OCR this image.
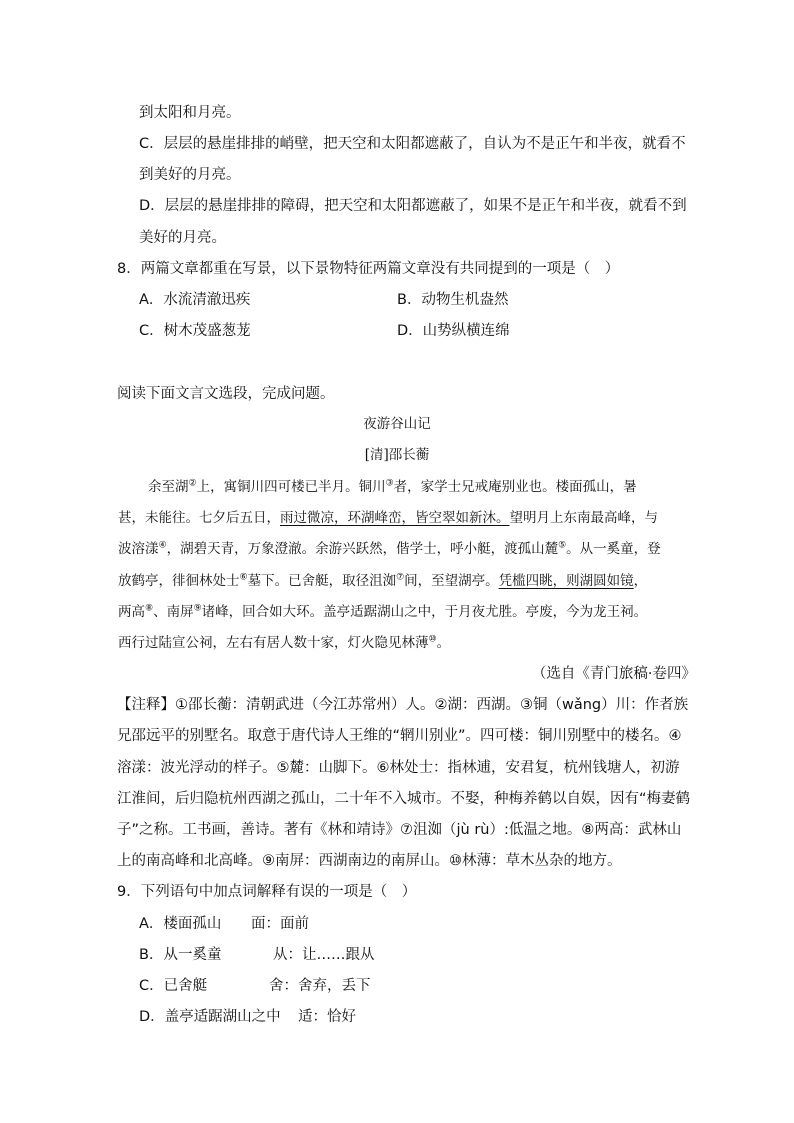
到太阳和月亮。
C．层层的悬崖排排的峭壁，把天空和太阳都遮蔽了，自认为不是正午和半夜，就看不
到美好的月亮。
D．层层的悬崖排排的障碍，把天空和太阳都遮蔽了，如果不是正午和半夜，就看不到
美好的月亮。
8．两篇文章都重在写景，以下景物特征两篇文章没有共同提到的一项是（　）
A．水流清澈迅疾	B．动物生机盎然
C．树木茂盛葱茏	D．山势纵横连绵
阅读下面文言文选段，完成问题。
夜游谷山记
[清]邵长蘅
余至湖②上，寓铜川四可楼已半月。铜川③者，家学士兄戒庵别业也。楼面孤山，暑
甚，未能往。七夕后五日，雨过微凉，环湖峰峦，皆空翠如新沐。望明月上东南最高峰，与
波溶漾④，湖碧天青，万象澄澈。余游兴跃然，偕学士，呼小艇，渡孤山麓⑤。从一奚童，登
放鹤亭，徘徊林处士⑥墓下。已舍艇，取径沮洳⑦间，至望湖亭。凭槛四眺，则湖圆如镜，
两高⑧、南屏⑨诸峰，回合如大环。盖亭适踞湖山之中，于月夜尤胜。亭废，今为龙王祠。
西行过陆宣公祠，左右有居人数十家，灯火隐见林薄⑩。
（选自《青门旅稿·卷四》
【注释】①邵长蘅：清朝武进（今江苏常州）人。②湖：西湖。③铜（wǎng）川：作者族
兄邵远平的别墅名。取意于唐代诗人王维的“辋川别业”。四可楼：铜川别墅中的楼名。④
溶漾：波光浮动的样子。⑤麓：山脚下。⑥林处士：指林逋，安君复，杭州钱塘人，初游
江淮间，后归隐杭州西湖之孤山，二十年不入城市。不娶，种梅养鹤以自娱，因有“梅妻鹤
子”之称。工书画，善诗。著有《林和靖诗》⑦沮洳（jù rù）:低温之地。⑧两高：武林山
上的南高峰和北高峰。⑨南屏：西湖南边的南屏山。⑩林薄：草木丛杂的地方。
9．下列语句中加点词解释有误的一项是（　）
A．楼面孤山 面：面前
B．从一奚童	从：让……跟从
C．已舍艇	舍：舍弃，丢下
D．盖亭适踞湖山之中 适：恰好
